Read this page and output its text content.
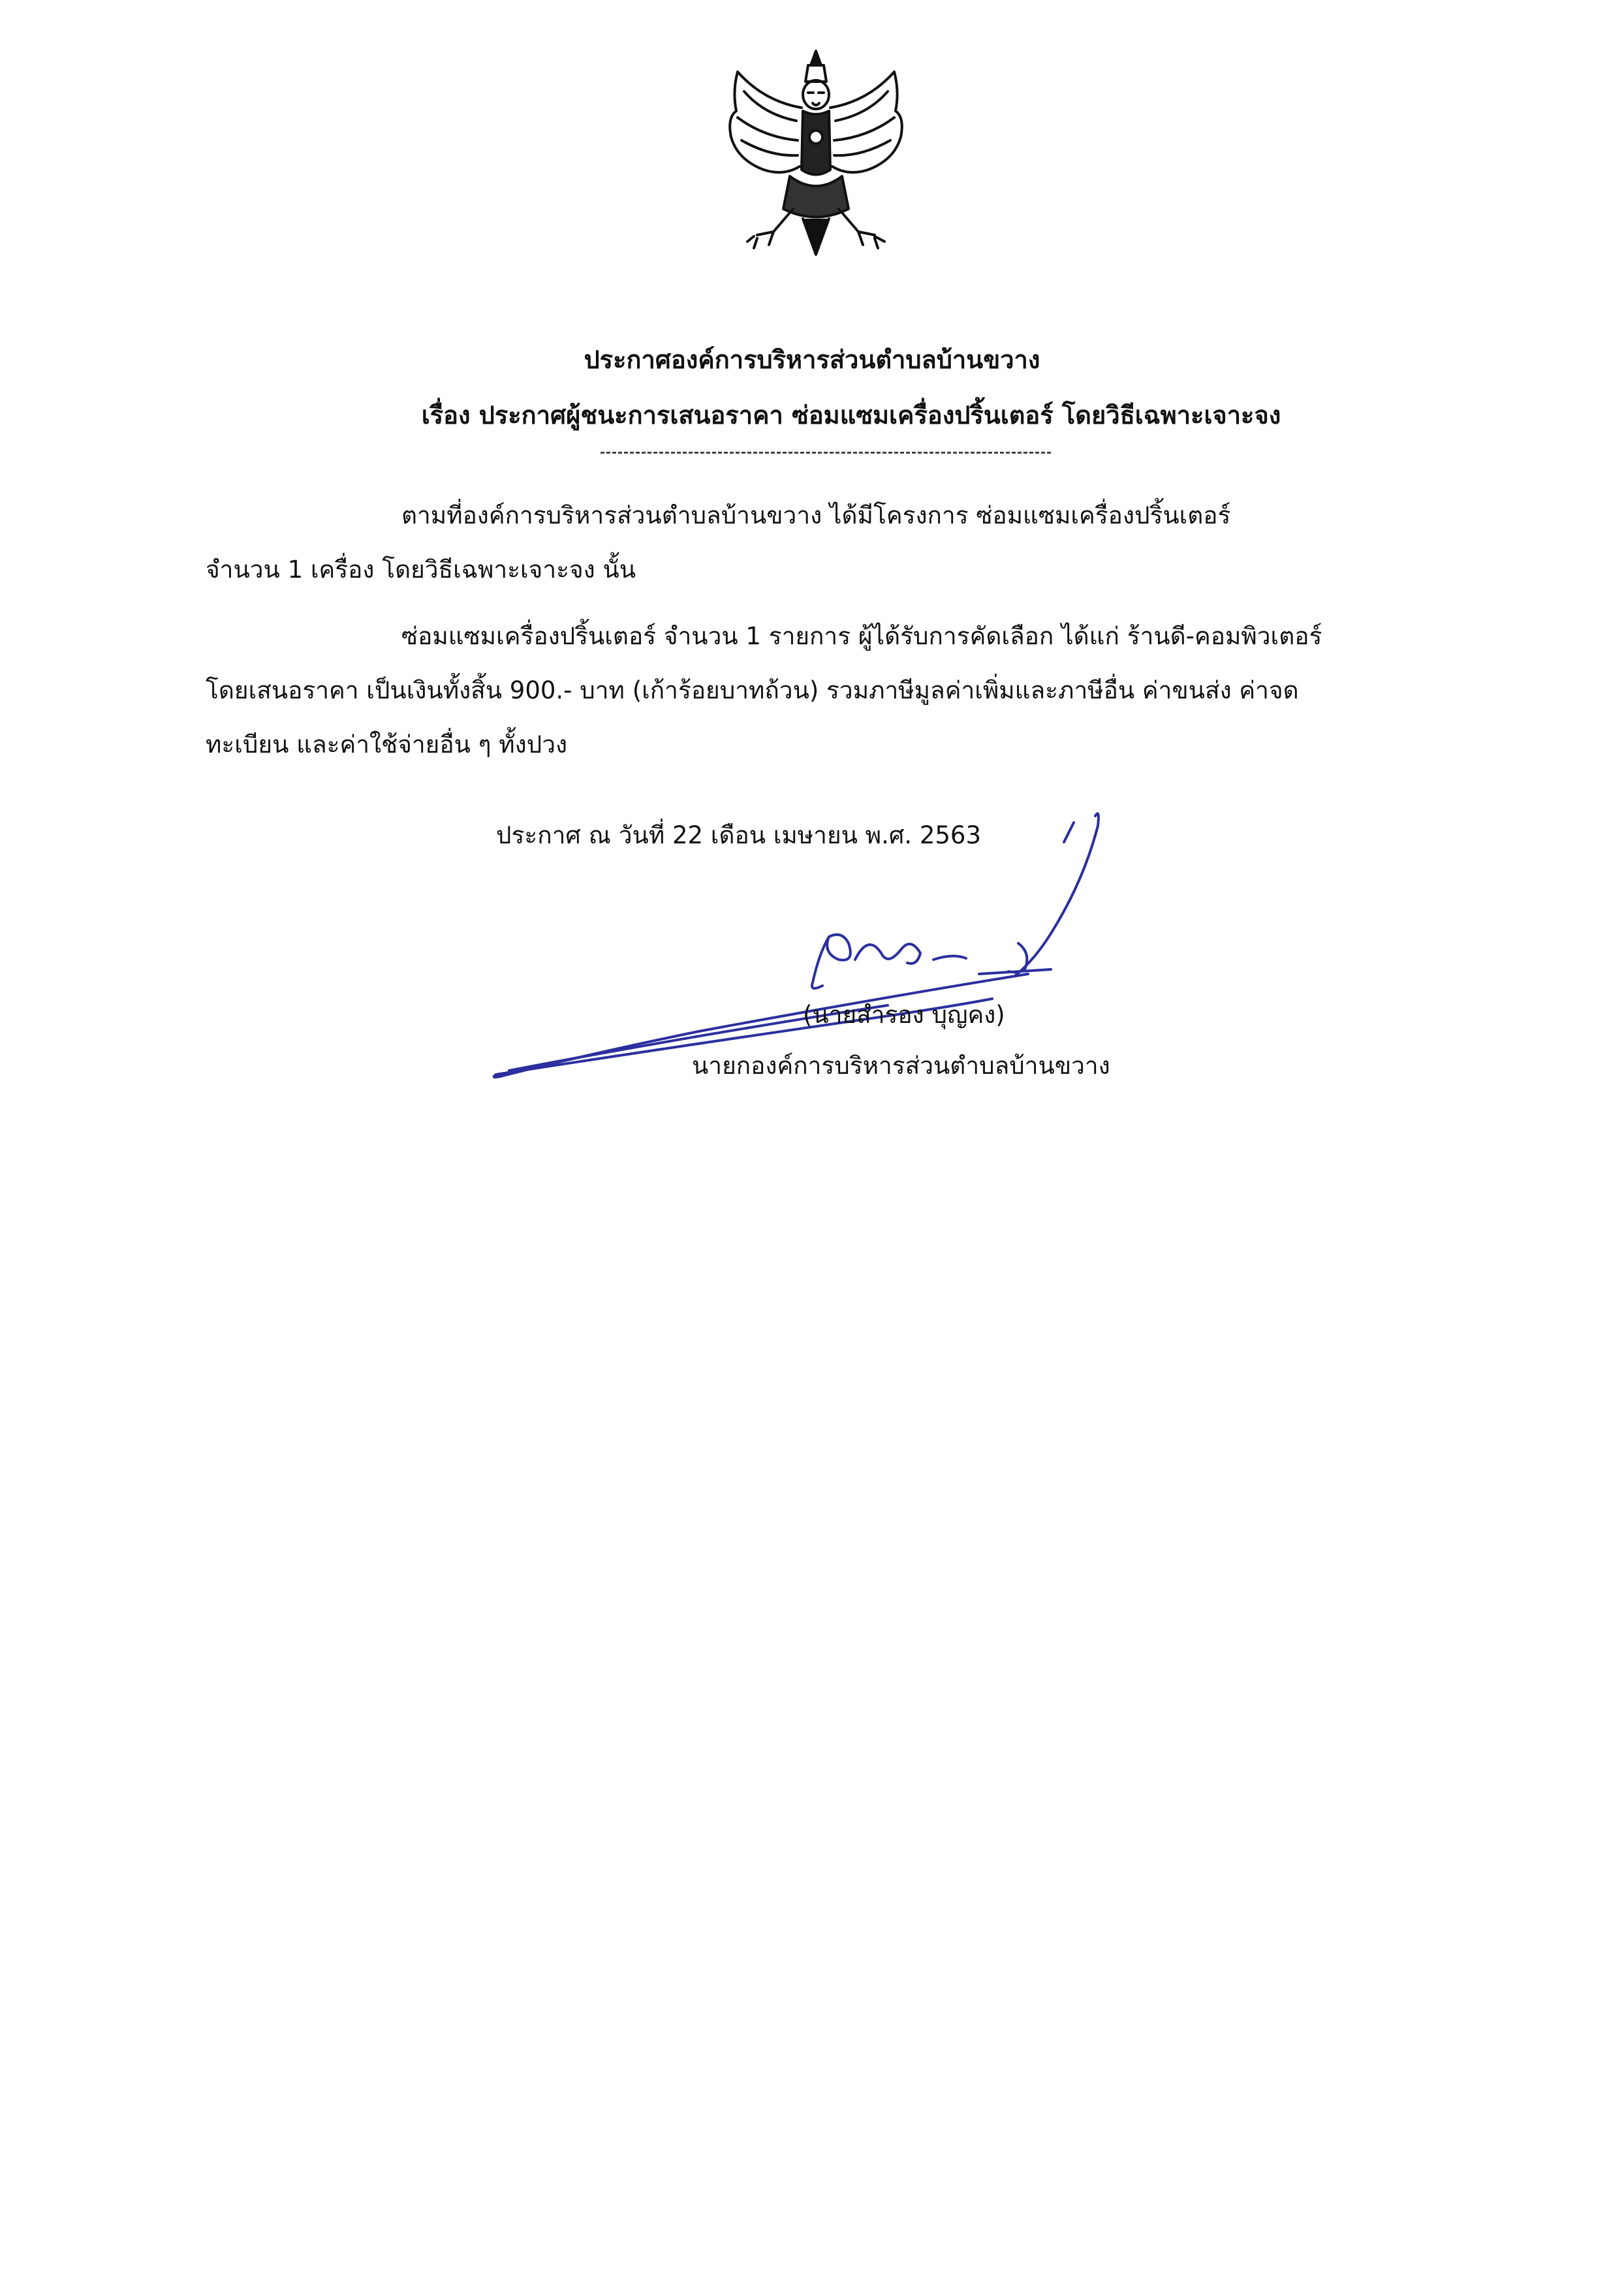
ประกาศองค์การบริหารส่วนตำบลบ้านขวาง
เรื่อง ประกาศผู้ชนะการเสนอราคา ซ่อมแซมเครื่องปริ้นเตอร์ โดยวิธีเฉพาะเจาะจง
ตามที่องค์การบริหารส่วนตำบลบ้านขวาง ได้มีโครงการ ซ่อมแซมเครื่องปริ้นเตอร์
จำนวน 1 เครื่อง โดยวิธีเฉพาะเจาะจง นั้น
ซ่อมแซมเครื่องปริ้นเตอร์ จำนวน 1 รายการ ผู้ได้รับการคัดเลือก ได้แก่ ร้านดี-คอมพิวเตอร์
โดยเสนอราคา เป็นเงินทั้งสิ้น 900.- บาท (เก้าร้อยบาทถ้วน) รวมภาษีมูลค่าเพิ่มและภาษีอื่น ค่าขนส่ง ค่าจด
ทะเบียน และค่าใช้จ่ายอื่น ๆ ทั้งปวง
ประกาศ ณ วันที่ 22 เดือน เมษายน พ.ศ. 2563
(นายสำรอง บุญคง)
นายกองค์การบริหารส่วนตำบลบ้านขวาง
